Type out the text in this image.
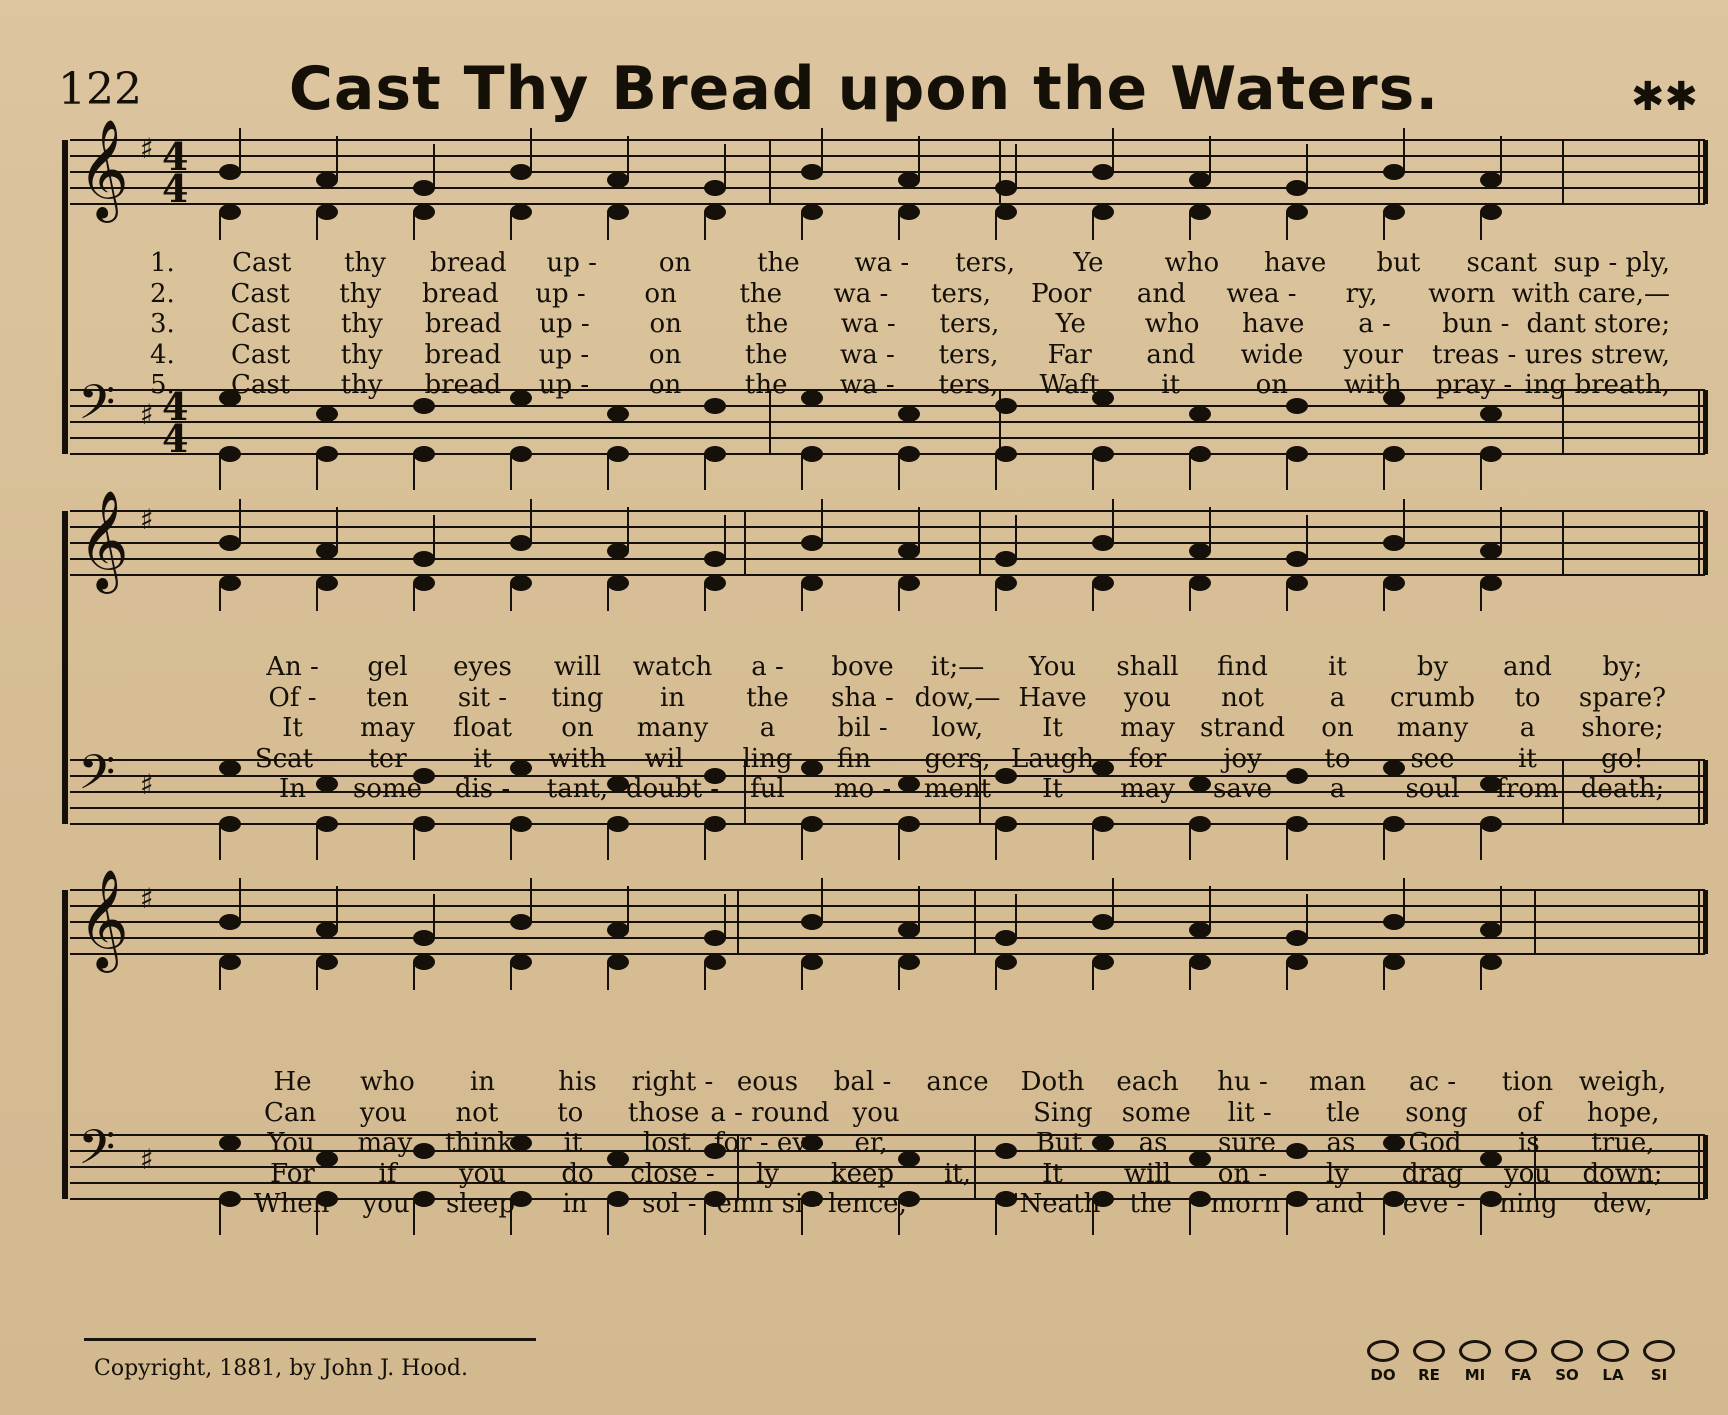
122	Cast Thy Bread upon the Waters.	✱✱
𝄞 ♯
𝄢 ♯
𝄞 ♯
𝄢 ♯
𝄞 ♯
𝄢 ♯
4
4
4
4
1.	Cast	thy	bread	up -	on	the	wa -	ters,	Ye	who	have	but	scant sup - ply,
2.	Cast	thy	bread	up -	on	the	wa -	ters,	Poor	and	wea -	ry,	worn with care,—
3.	Cast	thy	bread	up -	on	the	wa -	ters,	Ye	who	have	a -	bun - dant store;
4.	Cast	thy	bread	up -	on	the	wa -	ters,	Far	and	wide	your	treas - ures strew,
5.	Cast	thy	bread	up -	on	the	wa -	ters,	Waft	it	on	with	pray - ing breath,
An -	gel	eyes	will	watch	a -	bove	it;—	You	shall	find	it	by	and	by;
Of -	ten	sit -	ting	in	the	sha - dow,— Have	you	not	a	crumb	to	spare?
It	may	float	on	many	a	bil -	low,	It	may strand	on	many	a	shore;
Scat -	ter	it	with	wil -	ling	fin -	gers, Laugh	for	joy	to	see	it	go!
In	some	dis -	tant, doubt -	ful	mo -	ment	It	may	save	a	soul	from death;
He	who	in	his	right - eous	bal -	ance	Doth	each	hu -	man	ac -	tion weigh,
Can	you	not	to	those a - round you	Sing	some	lit -	tle	song	of	hope,
You	may	think	it	lost for - ev -	er,	But	as	sure	as	God	is	true,
For	if	you	do	close -	ly	keep	it,	It	will	on -	ly	drag	you	down;
When	you	sleep	in	sol - emn si - lence,	'Neath	the	morn	and	eve -	ning	dew,
Copyright, 1881, by John J. Hood.	DO RE MI FA SO LA SI
